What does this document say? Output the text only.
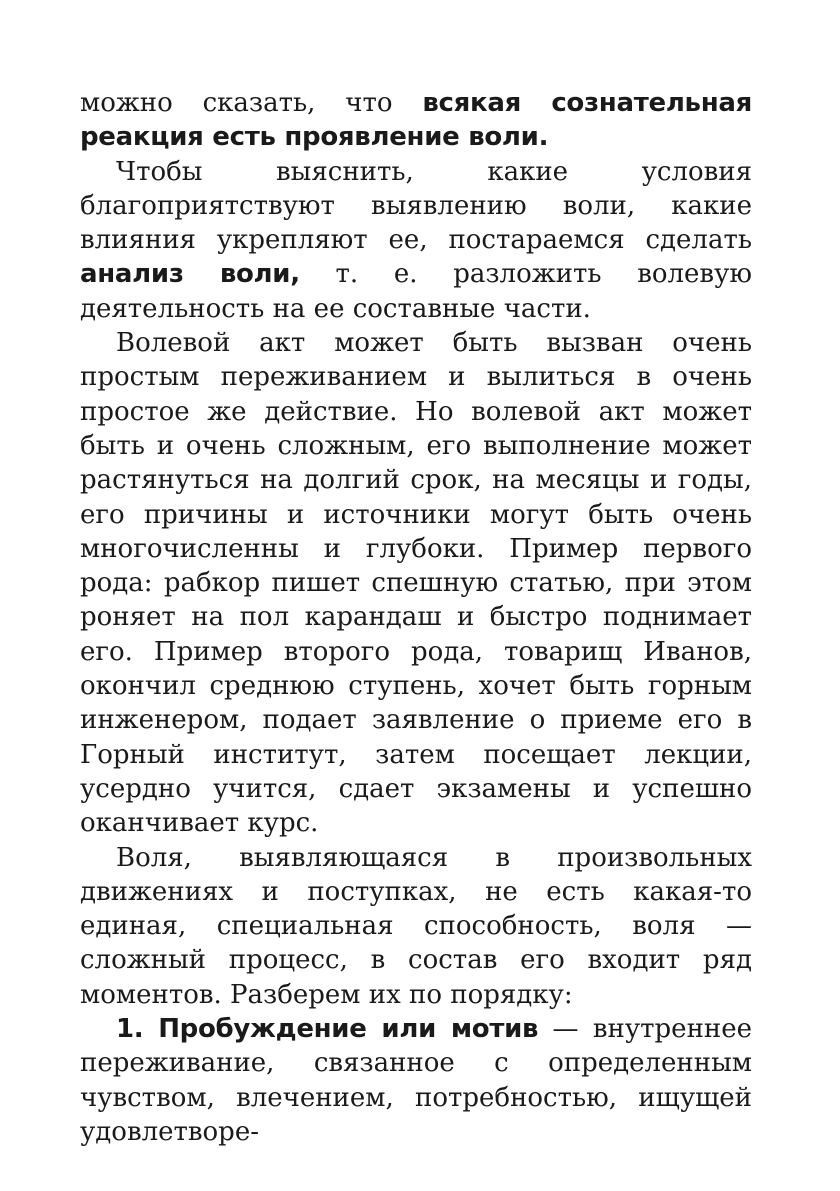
можно сказать, что всякая сознательная реакция есть проявление воли.

Чтобы выяснить, какие условия благоприятствуют выявлению воли, какие влияния укрепляют ее, постараемся сделать анализ воли, т. е. разложить волевую деятельность на ее составные части.

Волевой акт может быть вызван очень простым переживанием и вылиться в очень простое же действие. Но волевой акт может быть и очень сложным, его выполнение может растянуться на долгий срок, на месяцы и годы, его причины и источники могут быть очень многочисленны и глубоки. Пример первого рода: рабкор пишет спешную статью, при этом роняет на пол карандаш и быстро поднимает его. Пример второго рода, товарищ Иванов, окончил среднюю ступень, хочет быть горным инженером, подает заявление о приеме его в Горный институт, затем посещает лекции, усердно учится, сдает экзамены и успешно оканчивает курс.

Воля, выявляющаяся в произвольных движениях и поступках, не есть какая-то единая, специальная способность, воля — сложный процесс, в состав его входит ряд моментов. Разберем их по порядку:

1. Пробуждение или мотив — внутреннее переживание, связанное с определенным чувством, влечением, потребностью, ищущей удовлетворе-
